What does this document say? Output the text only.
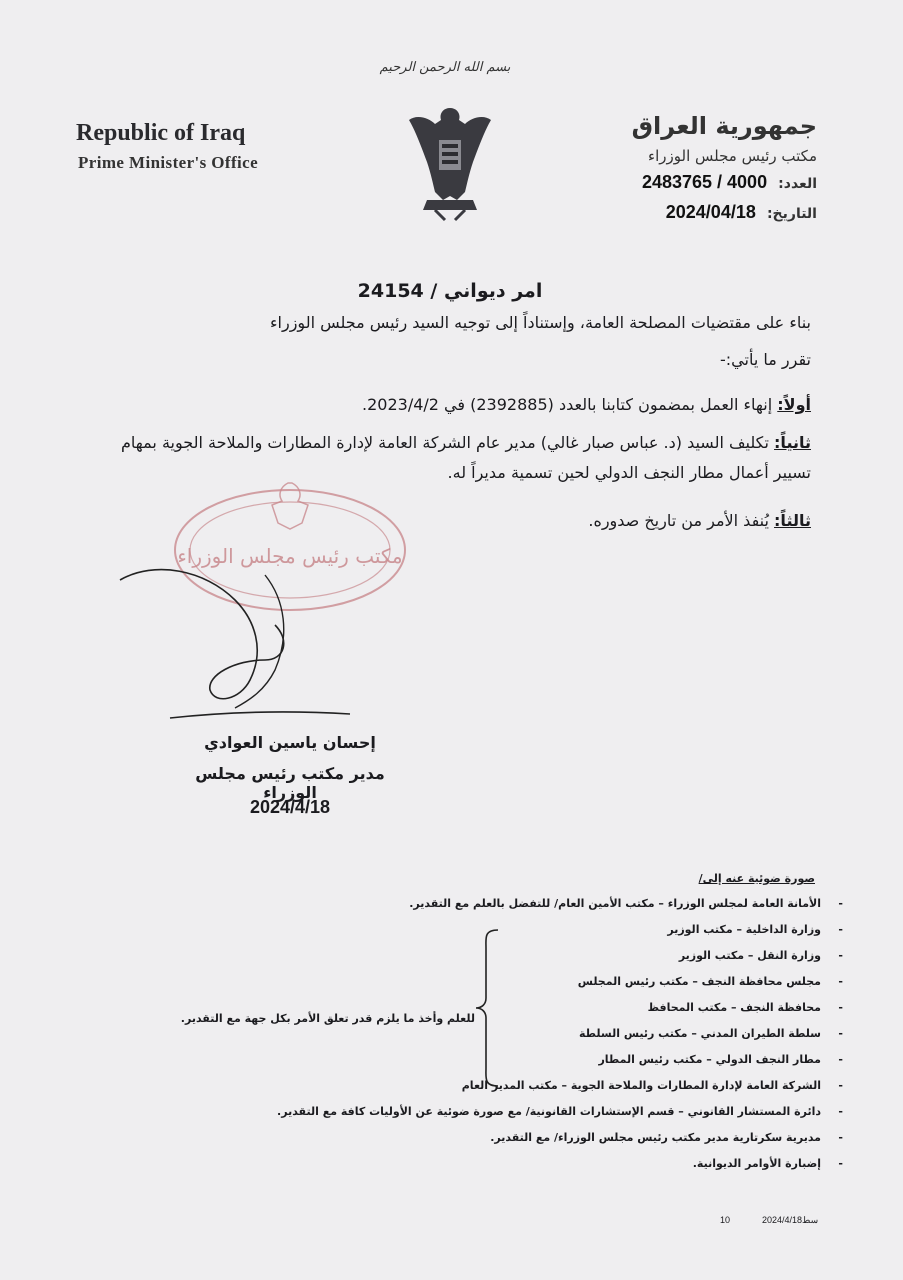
بسم الله الرحمن الرحيم
Republic of Iraq
Prime Minister's Office
جمهورية العراق
مكتب رئيس مجلس الوزراء
العدد: 2483765 / 4000
التاريخ: 2024/04/18
امر ديواني / 24154
بناء على مقتضيات المصلحة العامة، وإستناداً إلى توجيه السيد رئيس مجلس الوزراء
تقرر ما يأتي:-
أولاً: إنهاء العمل بمضمون كتابنا بالعدد (2392885) في 2023/4/2.
ثانياً: تكليف السيد (د. عباس صبار غالي) مدير عام الشركة العامة لإدارة المطارات والملاحة الجوية بمهام تسيير أعمال مطار النجف الدولي لحين تسمية مديراً له.
ثالثاً: يُنفذ الأمر من تاريخ صدوره.
مكتب رئيس مجلس الوزراء
إحسان ياسين العوادي
مدير مكتب رئيس مجلس الوزراء
2024/4/18
صورة ضوئية عنه إلى/
- الأمانة العامة لمجلس الوزراء – مكتب الأمين العام/ للتفضل بالعلم مع التقدير.
- وزارة الداخلية – مكتب الوزير
- وزارة النقل – مكتب الوزير
- مجلس محافظة النجف – مكتب رئيس المجلس
- محافظة النجف – مكتب المحافظ
- سلطة الطيران المدني – مكتب رئيس السلطة
- مطار النجف الدولي – مكتب رئيس المطار
- الشركة العامة لإدارة المطارات والملاحة الجوية – مكتب المدير العام
- دائرة المستشار القانوني – قسم الإستشارات القانونية/ مع صورة ضوئية عن الأوليات كافة مع التقدير.
- مديرية سكرتارية مدير مكتب رئيس مجلس الوزراء/ مع التقدير.
- إضبارة الأوامر الديوانية.
للعلم وأخذ ما يلزم قدر تعلق الأمر بكل جهة مع التقدير.
10	2024/4/18سط
